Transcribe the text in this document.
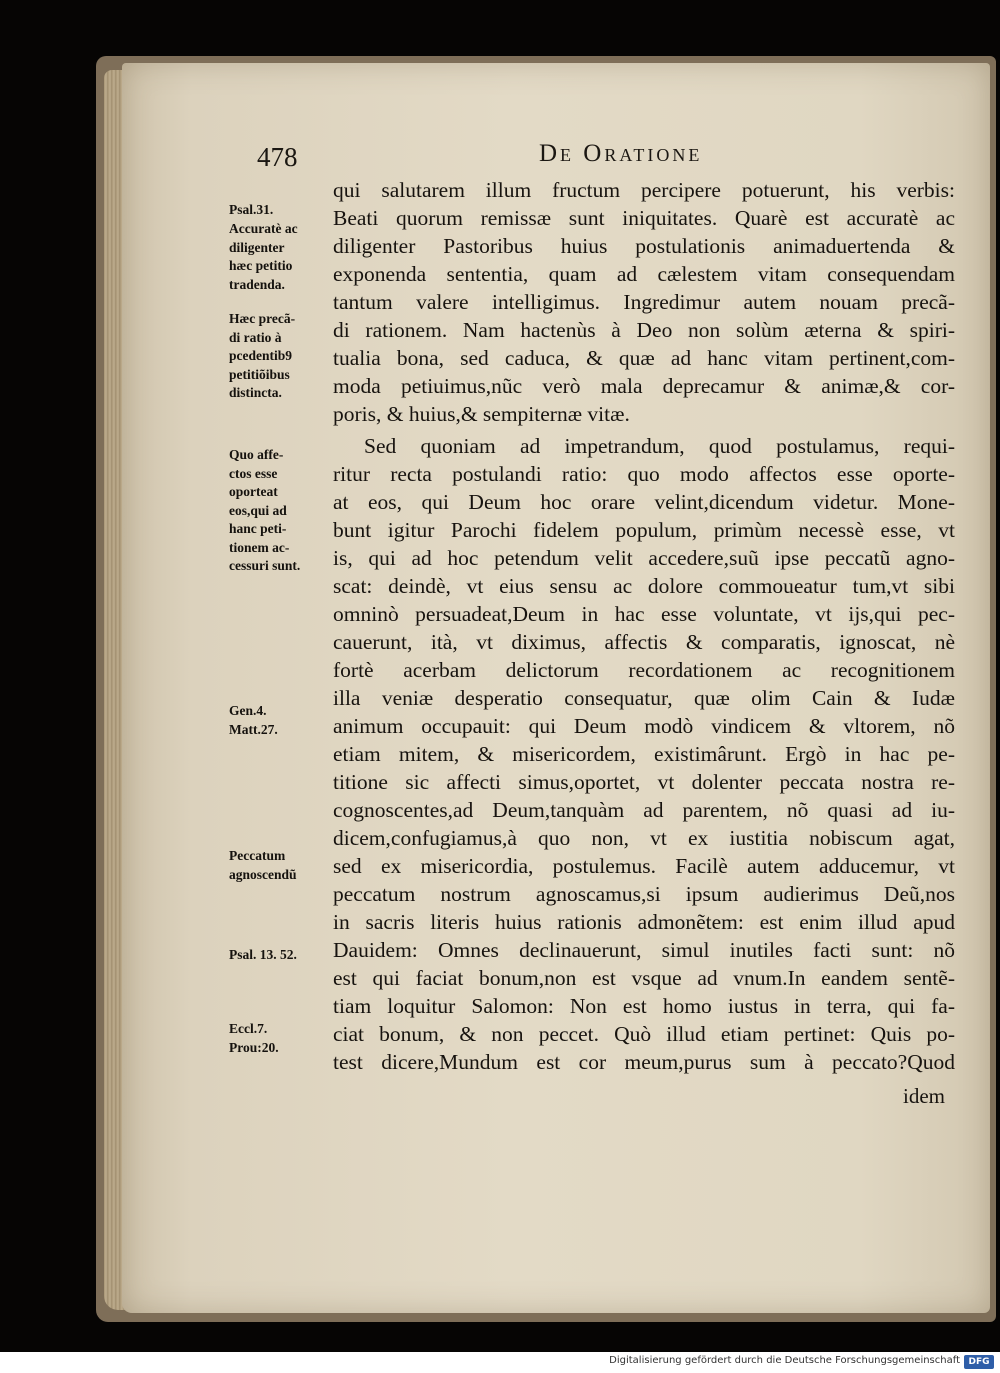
478	De Oratione
Psal.31.
Accuratè ac
diligenter
hæc petitio
tradenda.
Hæc precã-
di ratio à
pcedentib9
petitiõibus
distincta.
Quo affe-
ctos esse
oporteat
eos,qui ad
hanc peti-
tionem ac-
cessuri sunt.
Gen.4.
Matt.27.
Peccatum
agnoscendũ
Psal. 13. 52.
Eccl.7.
Prou:20.
qui salutarem illum fructum percipere potuerunt, his verbis:
Beati quorum remissæ sunt iniquitates. Quarè est accuratè ac
diligenter Pastoribus huius postulationis animaduertenda &
exponenda sententia, quam ad cælestem vitam consequendam
tantum valere intelligimus. Ingredimur autem nouam precã-
di rationem. Nam hactenùs à Deo non solùm æterna & spiri-
tualia bona, sed caduca, & quæ ad hanc vitam pertinent,com-
moda petiuimus,nũc verò mala deprecamur & animæ,& cor-
poris, & huius,& sempiternæ vitæ.
Sed quoniam ad impetrandum, quod postulamus, requi-
ritur recta postulandi ratio: quo modo affectos esse oporte-
at eos, qui Deum hoc orare velint,dicendum videtur. Mone-
bunt igitur Parochi fidelem populum, primùm necessè esse, vt
is, qui ad hoc petendum velit accedere,suũ ipse peccatũ agno-
scat: deindè, vt eius sensu ac dolore commoueatur tum,vt sibi
omninò persuadeat,Deum in hac esse voluntate, vt ijs,qui pec-
cauerunt, ità, vt diximus, affectis & comparatis, ignoscat, nè
fortè acerbam delictorum recordationem ac recognitionem
illa veniæ desperatio consequatur, quæ olim Cain & Iudæ
animum occupauit: qui Deum modò vindicem & vltorem, nõ
etiam mitem, & misericordem, existimârunt. Ergò in hac pe-
titione sic affecti simus,oportet, vt dolenter peccata nostra re-
cognoscentes,ad Deum,tanquàm ad parentem, nõ quasi ad iu-
dicem,confugiamus,à quo non, vt ex iustitia nobiscum agat,
sed ex misericordia, postulemus. Facilè autem adducemur, vt
peccatum nostrum agnoscamus,si ipsum audierimus Deũ,nos
in sacris literis huius rationis admonẽtem: est enim illud apud
Dauidem: Omnes declinauerunt, simul inutiles facti sunt: nõ
est qui faciat bonum,non est vsque ad vnum.In eandem sentẽ-
tiam loquitur Salomon: Non est homo iustus in terra, qui fa-
ciat bonum, & non peccet. Quò illud etiam pertinet: Quis po-
test dicere,Mundum est cor meum,purus sum à peccato?Quod
idem
Digitalisierung gefördert durch die Deutsche Forschungsgemeinschaft DFG
